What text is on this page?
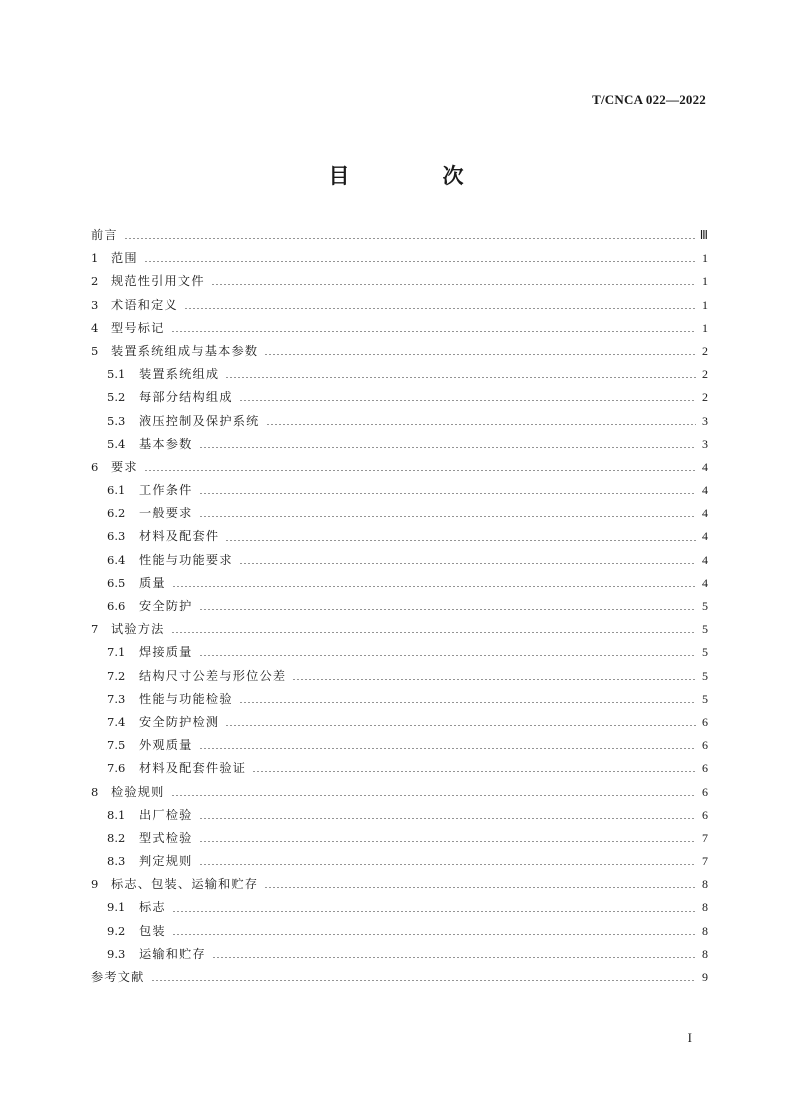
T/CNCA 022—2022
目　次
前言	Ⅲ
1	范围	1
2	规范性引用文件	1
3	术语和定义	1
4	型号标记	1
5	装置系统组成与基本参数	2
5.1	装置系统组成	2
5.2	每部分结构组成	2
5.3	液压控制及保护系统	3
5.4	基本参数	3
6	要求	4
6.1	工作条件	4
6.2	一般要求	4
6.3	材料及配套件	4
6.4	性能与功能要求	4
6.5	质量	4
6.6	安全防护	5
7	试验方法	5
7.1	焊接质量	5
7.2	结构尺寸公差与形位公差	5
7.3	性能与功能检验	5
7.4	安全防护检测	6
7.5	外观质量	6
7.6	材料及配套件验证	6
8	检验规则	6
8.1	出厂检验	6
8.2	型式检验	7
8.3	判定规则	7
9	标志、包装、运输和贮存	8
9.1	标志	8
9.2	包装	8
9.3	运输和贮存	8
参考文献	9
I
